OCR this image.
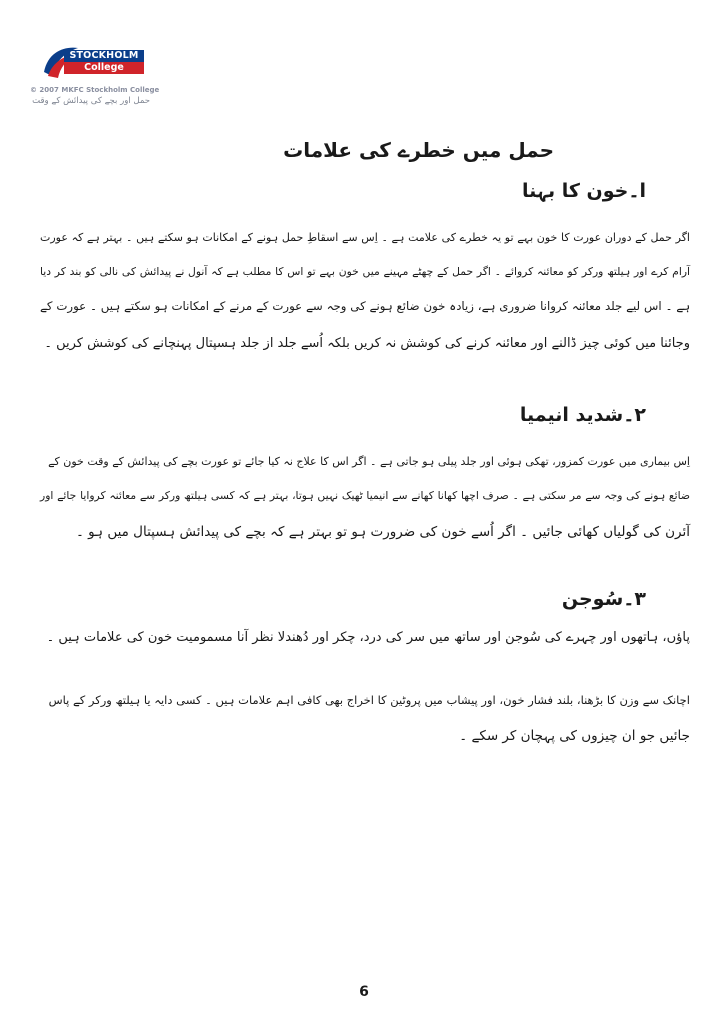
STOCKHOLM
College
© 2007 MKFC Stockholm College
حمل اور بچے کی پیدائش کے وقت
حمل میں خطرے کی علامات
ا۔خون کا بہنا
اگر حمل کے دوران عورت کا خون بہے تو یہ خطرے کی علامت ہے ۔ اِس سے اسقاطِ حمل ہونے کے امکانات ہو سکتے ہیں ۔ بہتر ہے کہ عورت
آرام کرے اور ہیلتھ ورکر کو معائنہ کروائے ۔ اگر حمل کے چھٹے مہینے میں خون بہے تو اس کا مطلب ہے کہ آنول نے پیدائش کی نالی کو بند کر دیا
ہے ۔ اس لیے جلد معائنہ کروانا ضروری ہے، زیادہ خون ضائع ہونے کی وجہ سے عورت کے مرنے کے امکانات ہو سکتے ہیں ۔ عورت کے
وجائنا میں کوئی چیز ڈالنے اور معائنہ کرنے کی کوشش نہ کریں بلکہ اُسے جلد از جلد ہسپتال پہنچانے کی کوشش کریں ۔
۲۔شدید انیمیا
اِس بیماری میں عورت کمزور، تھکی ہوئی اور جلد پیلی ہو جاتی ہے ۔ اگر اس کا علاج نہ کیا جائے تو عورت بچے کی پیدائش کے وقت خون کے
ضائع ہونے کی وجہ سے مر سکتی ہے ۔ صرف اچھا کھانا کھانے سے انیمیا ٹھیک نہیں ہوتا، بہتر ہے کہ کسی ہیلتھ ورکر سے معائنہ کروایا جائے اور
آئرن کی گولیاں کھائی جائیں ۔ اگر اُسے خون کی ضرورت ہو تو بہتر ہے کہ بچے کی پیدائش ہسپتال میں ہو ۔
۳۔سُوجن
پاؤں، ہاتھوں اور چہرے کی سُوجن اور ساتھ میں سر کی درد، چکر اور دُھندلا نظر آنا مسمومیت خون کی علامات ہیں ۔
اچانک سے وزن کا بڑھنا، بلند فشار خون، اور پیشاب میں پروٹین کا اخراج بھی کافی اہم علامات ہیں ۔ کسی دایہ یا ہیلتھ ورکر کے پاس
جائیں جو ان چیزوں کی پہچان کر سکے ۔
6
